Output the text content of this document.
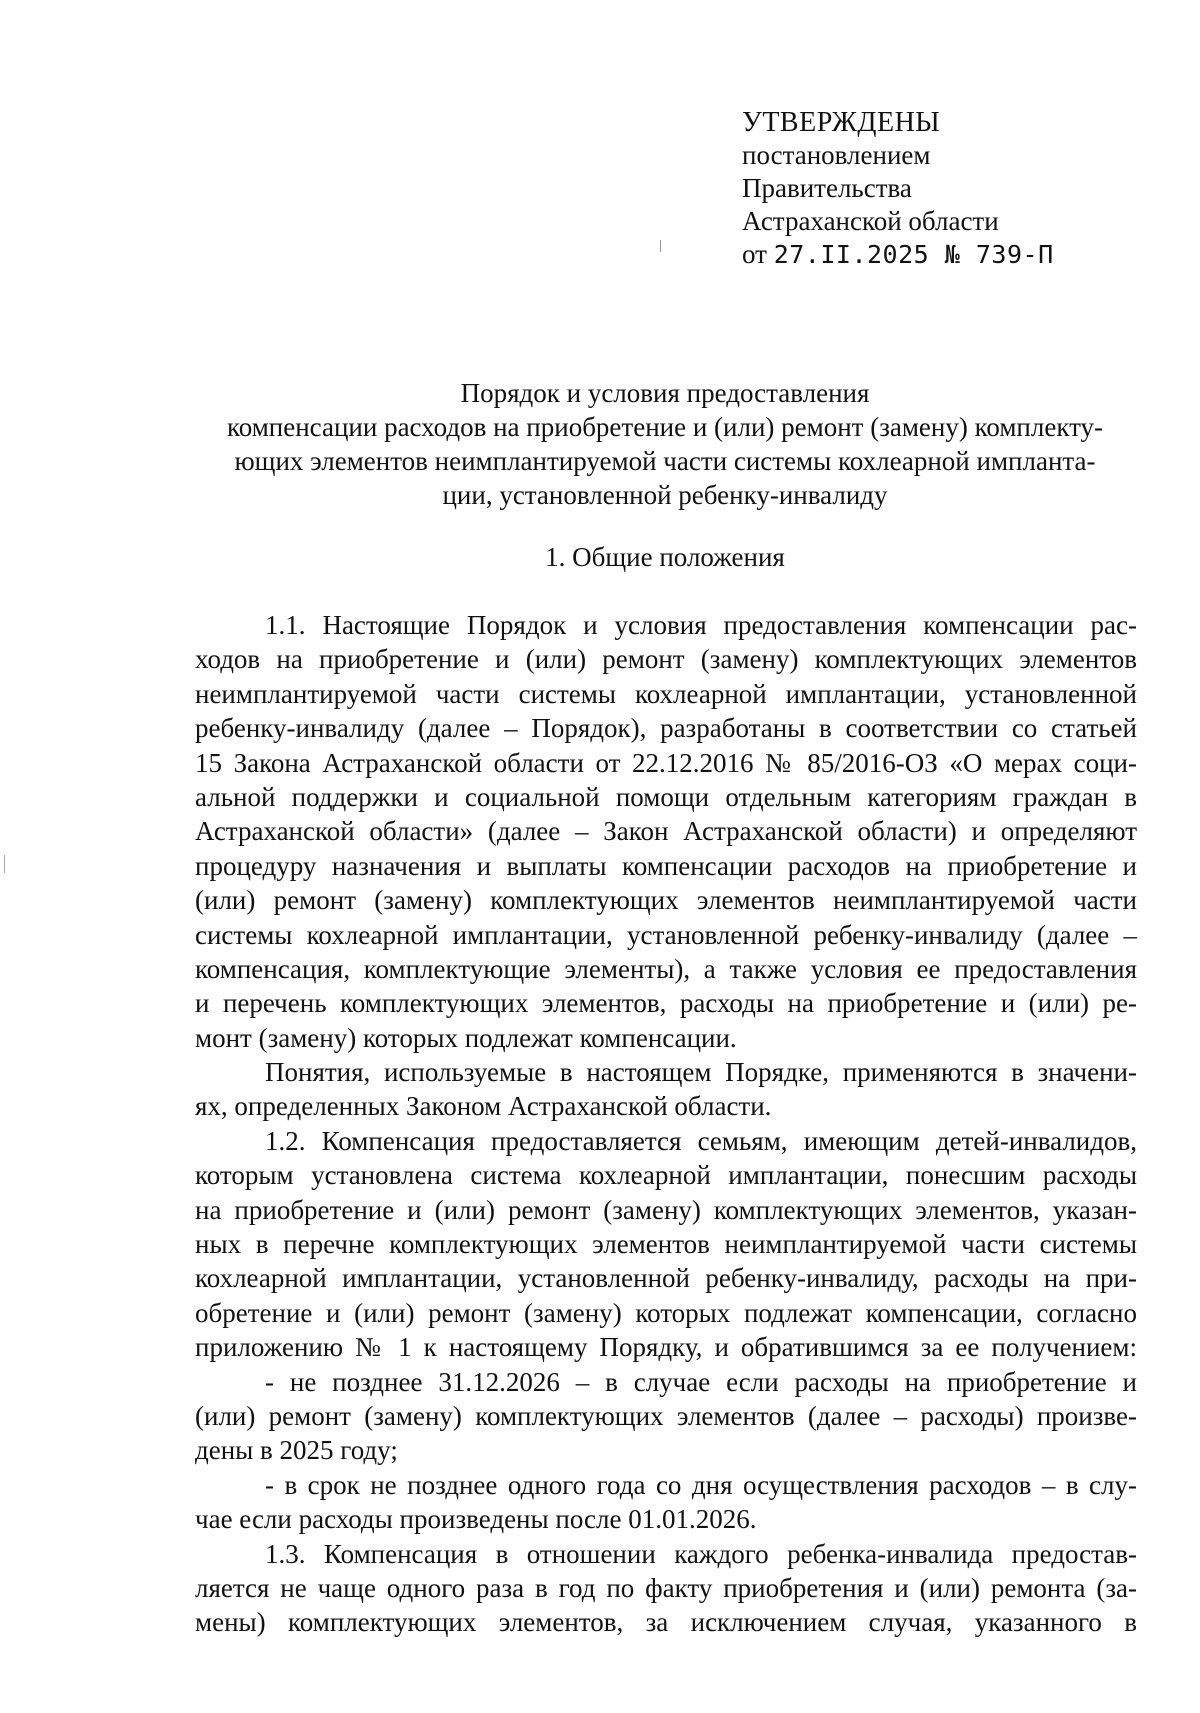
УТВЕРЖДЕНЫ
постановлением
Правительства
Астраханской области
от 27.II.2025 № 739-П
Порядок и условия предоставления
компенсации расходов на приобретение и (или) ремонт (замену) комплекту-
ющих элементов неимплантируемой части системы кохлеарной импланта-
ции, установленной ребенку-инвалиду
1. Общие положения
1.1. Настоящие Порядок и условия предоставления компенсации рас-
ходов на приобретение и (или) ремонт (замену) комплектующих элементов
неимплантируемой части системы кохлеарной имплантации, установленной
ребенку-инвалиду (далее – Порядок), разработаны в соответствии со статьей
15 Закона Астраханской области от 22.12.2016 № 85/2016-ОЗ «О мерах соци-
альной поддержки и социальной помощи отдельным категориям граждан в
Астраханской области» (далее – Закон Астраханской области) и определяют
процедуру назначения и выплаты компенсации расходов на приобретение и
(или) ремонт (замену) комплектующих элементов неимплантируемой части
системы кохлеарной имплантации, установленной ребенку-инвалиду (далее –
компенсация, комплектующие элементы), а также условия ее предоставления
и перечень комплектующих элементов, расходы на приобретение и (или) ре-
монт (замену) которых подлежат компенсации.
Понятия, используемые в настоящем Порядке, применяются в значени-
ях, определенных Законом Астраханской области.
1.2. Компенсация предоставляется семьям, имеющим детей-инвалидов,
которым установлена система кохлеарной имплантации, понесшим расходы
на приобретение и (или) ремонт (замену) комплектующих элементов, указан-
ных в перечне комплектующих элементов неимплантируемой части системы
кохлеарной имплантации, установленной ребенку-инвалиду, расходы на при-
обретение и (или) ремонт (замену) которых подлежат компенсации, согласно
приложению № 1 к настоящему Порядку, и обратившимся за ее получением:
- не позднее 31.12.2026 – в случае если расходы на приобретение и
(или) ремонт (замену) комплектующих элементов (далее – расходы) произве-
дены в 2025 году;
- в срок не позднее одного года со дня осуществления расходов – в слу-
чае если расходы произведены после 01.01.2026.
1.3. Компенсация в отношении каждого ребенка-инвалида предостав-
ляется не чаще одного раза в год по факту приобретения и (или) ремонта (за-
мены) комплектующих элементов, за исключением случая, указанного в
